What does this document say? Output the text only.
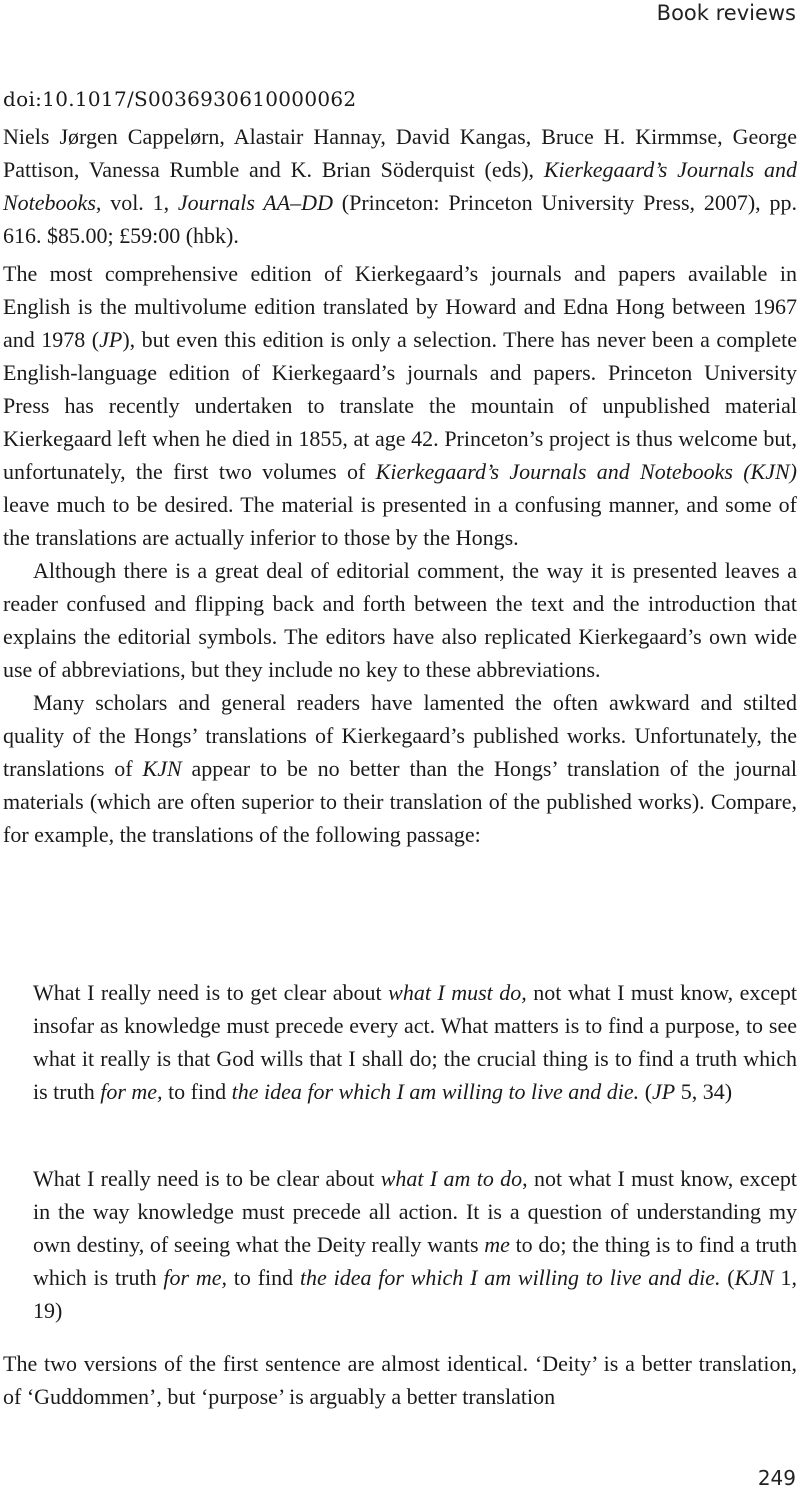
Book reviews
doi:10.1017/S0036930610000062
Niels Jørgen Cappelørn, Alastair Hannay, David Kangas, Bruce H. Kirmmse, George Pattison, Vanessa Rumble and K. Brian Söderquist (eds), Kierkegaard’s Journals and Notebooks, vol. 1, Journals AA–DD (Princeton: Princeton University Press, 2007), pp. 616. $85.00; £59:00 (hbk).

The most comprehensive edition of Kierkegaard’s journals and papers available in English is the multivolume edition translated by Howard and Edna Hong between 1967 and 1978 (JP), but even this edition is only a selection. There has never been a complete English-language edition of Kierkegaard’s journals and papers. Princeton University Press has recently undertaken to translate the mountain of unpublished material Kierkegaard left when he died in 1855, at age 42. Princeton’s project is thus welcome but, unfortunately, the first two volumes of Kierkegaard’s Journals and Notebooks (KJN) leave much to be desired. The material is presented in a confusing manner, and some of the translations are actually inferior to those by the Hongs.

Although there is a great deal of editorial comment, the way it is presented leaves a reader confused and flipping back and forth between the text and the introduction that explains the editorial symbols. The editors have also replicated Kierkegaard’s own wide use of abbreviations, but they include no key to these abbreviations.

Many scholars and general readers have lamented the often awkward and stilted quality of the Hongs’ translations of Kierkegaard’s published works. Unfortunately, the translations of KJN appear to be no better than the Hongs’ translation of the journal materials (which are often superior to their translation of the published works). Compare, for example, the translations of the following passage:

What I really need is to get clear about what I must do, not what I must know, except insofar as knowledge must precede every act. What matters is to find a purpose, to see what it really is that God wills that I shall do; the crucial thing is to find a truth which is truth for me, to find the idea for which I am willing to live and die. (JP 5, 34)
What I really need is to be clear about what I am to do, not what I must know, except in the way knowledge must precede all action. It is a question of understanding my own destiny, of seeing what the Deity really wants me to do; the thing is to find a truth which is truth for me, to find the idea for which I am willing to live and die. (KJN 1, 19)

The two versions of the first sentence are almost identical. ‘Deity’ is a better translation, of ‘Guddommen’, but ‘purpose’ is arguably a better translation

249
